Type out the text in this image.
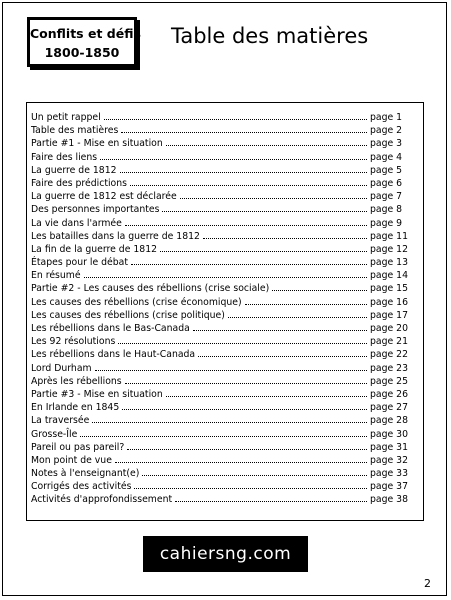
Conflits et défis
1800-1850
Table des matières
Un petit rappel	page 1
Table des matières	page 2
Partie #1 - Mise en situation	page 3
Faire des liens	page 4
La guerre de 1812	page 5
Faire des prédictions	page 6
La guerre de 1812 est déclarée	page 7
Des personnes importantes	page 8
La vie dans l'armée	page 9
Les batailles dans la guerre de 1812	page 11
La fin de la guerre de 1812	page 12
Étapes pour le débat	page 13
En résumé	page 14
Partie #2 - Les causes des rébellions (crise sociale)	page 15
Les causes des rébellions (crise économique)	page 16
Les causes des rébellions (crise politique)	page 17
Les rébellions dans le Bas-Canada	page 20
Les 92 résolutions	page 21
Les rébellions dans le Haut-Canada	page 22
Lord Durham	page 23
Après les rébellions	page 25
Partie #3 - Mise en situation	page 26
En Irlande en 1845	page 27
La traversée	page 28
Grosse-Île	page 30
Pareil ou pas pareil?	page 31
Mon point de vue	page 32
Notes à l'enseignant(e)	page 33
Corrigés des activités	page 37
Activités d'approfondissement	page 38
cahiersng.com
2
